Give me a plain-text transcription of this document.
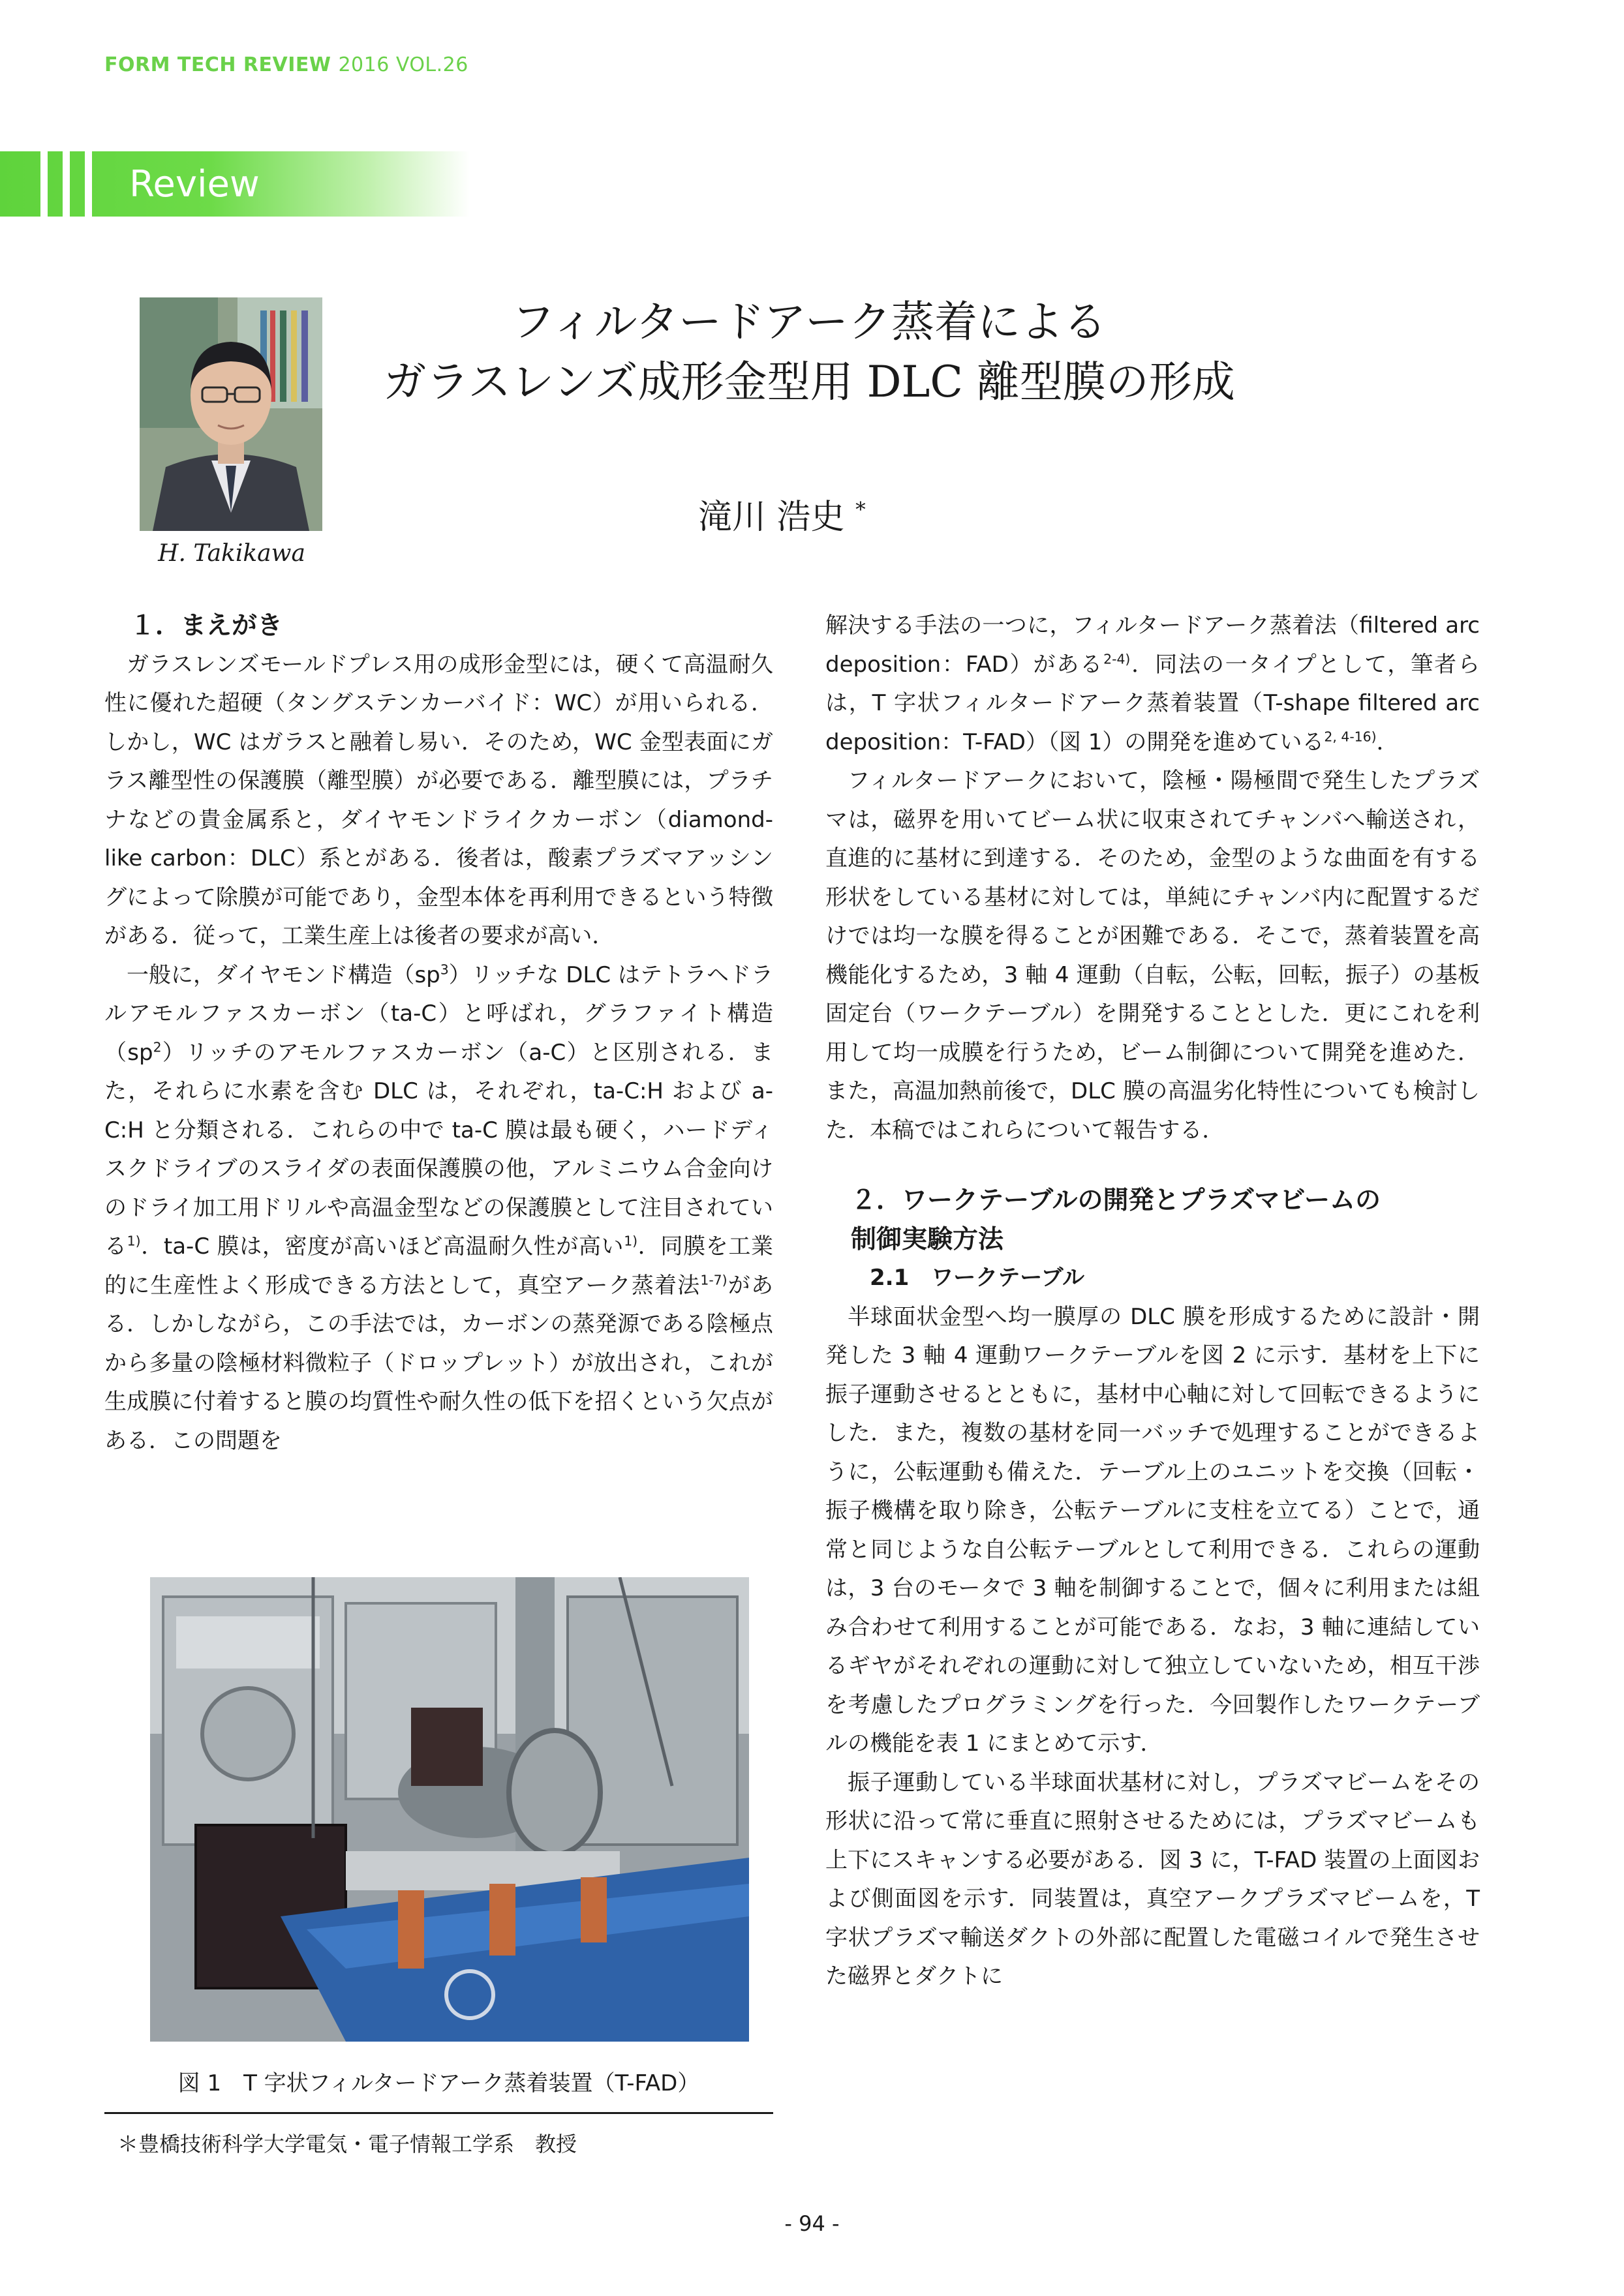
FORM TECH REVIEW 2016 VOL.26
Review
H. Takikawa
フィルタードアーク蒸着による
ガラスレンズ成形金型用 DLC 離型膜の形成
滝川 浩史 *

１．まえがき

ガラスレンズモールドプレス用の成形金型には，硬くて高温耐久性に優れた超硬（タングステンカーバイド：WC）が用いられる．しかし，WC はガラスと融着し易い．そのため，WC 金型表面にガラス離型性の保護膜（離型膜）が必要である．離型膜には，プラチナなどの貴金属系と，ダイヤモンドライクカーボン（diamond-like carbon：DLC）系とがある．後者は，酸素プラズマアッシングによって除膜が可能であり，金型本体を再利用できるという特徴がある．従って，工業生産上は後者の要求が高い．

一般に，ダイヤモンド構造$(sp^3)$リッチな DLC はテトラヘドラルアモルファスカーボン（ta-C）と呼ばれ，グラファイト構造$(sp^2)$リッチのアモルファスカーボン（a-C）と区別される．また，それらに水素を含む DLC は，それぞれ，ta-C:H および a-C:H と分類される．これらの中で ta-C 膜は最も硬く，ハードディスクドライブのスライダの表面保護膜の他，アルミニウム合金向けのドライ加工用ドリルや高温金型などの保護膜として注目されている$^{1)}$．ta-C 膜は，密度が高いほど高温耐久性が高い$^{1)}$．同膜を工業的に生産性よく形成できる方法として，真空アーク蒸着法$^{1-7)}$がある．しかしながら，この手法では，カーボンの蒸発源である陰極点から多量の陰極材料微粒子（ドロップレット）が放出され，これが生成膜に付着すると膜の均質性や耐久性の低下を招くという欠点がある．この問題を

図 1　T 字状フィルタードアーク蒸着装置（T-FAD）

解決する手法の一つに，フィルタードアーク蒸着法（filtered arc deposition：FAD）がある$^{2-4)}$．同法の一タイプとして，筆者らは，T 字状フィルタードアーク蒸着装置（T-shape filtered arc deposition：T-FAD）（図 1）の開発を進めている$^{2, 4-16)}$．

フィルタードアークにおいて，陰極・陽極間で発生したプラズマは，磁界を用いてビーム状に収束されてチャンバへ輸送され，直進的に基材に到達する．そのため，金型のような曲面を有する形状をしている基材に対しては，単純にチャンバ内に配置するだけでは均一な膜を得ることが困難である．そこで，蒸着装置を高機能化するため，3 軸 4 運動（自転，公転，回転，振子）の基板固定台（ワークテーブル）を開発することとした．更にこれを利用して均一成膜を行うため，ビーム制御について開発を進めた．また，高温加熱前後で，DLC 膜の高温劣化特性についても検討した．本稿ではこれらについて報告する．

２．ワークテーブルの開発とプラズマビームの

制御実験方法

2.1　ワークテーブル

半球面状金型へ均一膜厚の DLC 膜を形成するために設計・開発した 3 軸 4 運動ワークテーブルを図 2 に示す．基材を上下に振子運動させるとともに，基材中心軸に対して回転できるようにした．また，複数の基材を同一バッチで処理することができるように，公転運動も備えた．テーブル上のユニットを交換（回転・振子機構を取り除き，公転テーブルに支柱を立てる）ことで，通常と同じような自公転テーブルとして利用できる．これらの運動は，3 台のモータで 3 軸を制御することで，個々に利用または組み合わせて利用することが可能である．なお，3 軸に連結しているギヤがそれぞれの運動に対して独立していないため，相互干渉を考慮したプログラミングを行った．今回製作したワークテーブルの機能を表 1 にまとめて示す．

振子運動している半球面状基材に対し，プラズマビームをその形状に沿って常に垂直に照射させるためには，プラズマビームも上下にスキャンする必要がある．図 3 に，T-FAD 装置の上面図および側面図を示す．同装置は，真空アークプラズマビームを，T 字状プラズマ輸送ダクトの外部に配置した電磁コイルで発生させた磁界とダクトに

＊豊橋技術科学大学電気・電子情報工学系　教授
- 94 -
